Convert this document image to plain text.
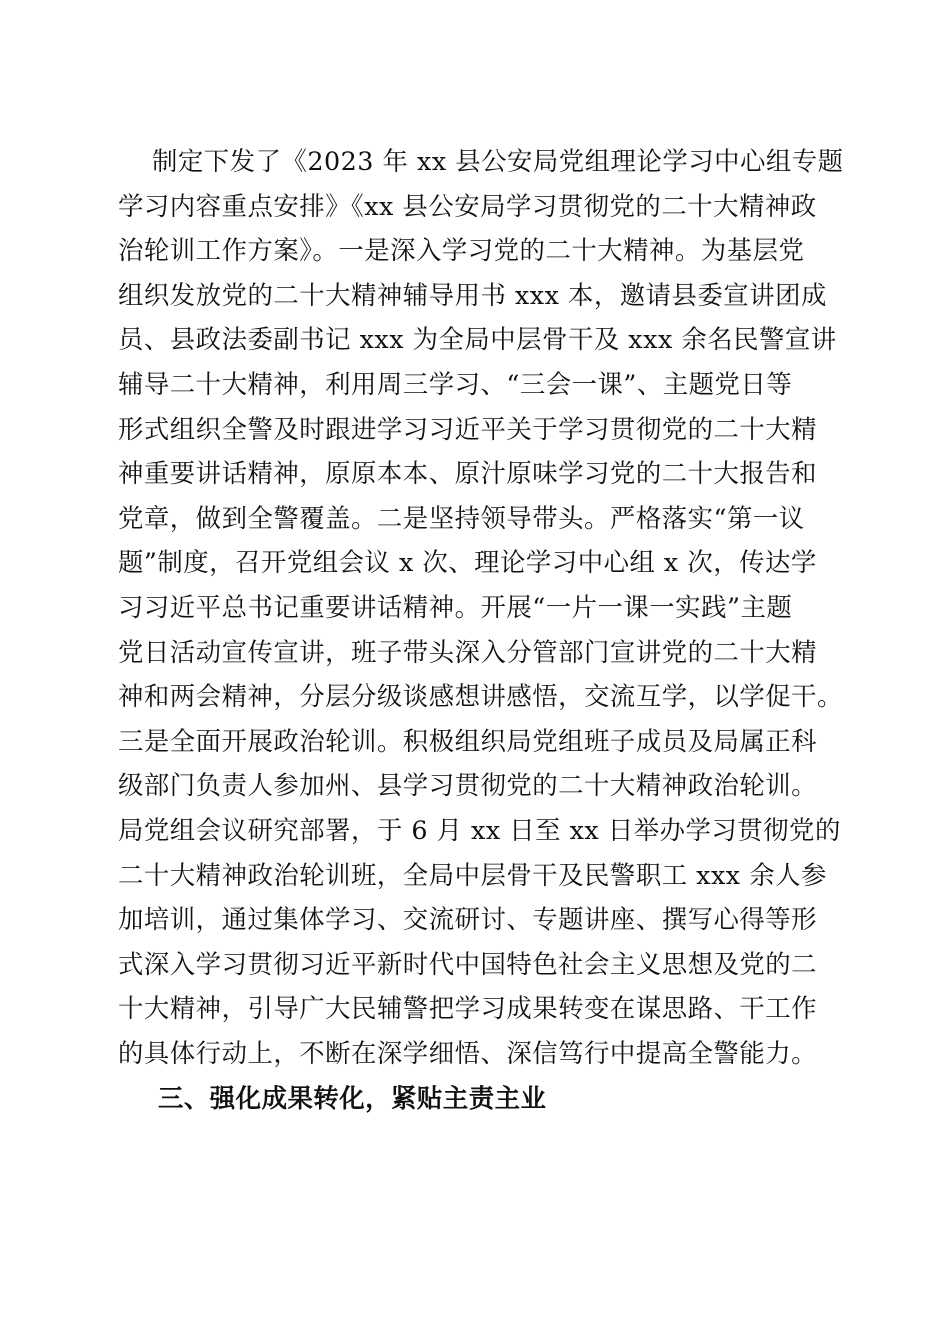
制定下发了《2023 年 xx 县公安局党组理论学习中心组专题
学习内容重点安排》《xx 县公安局学习贯彻党的二十大精神政
治轮训工作方案》。一是深入学习党的二十大精神。为基层党
组织发放党的二十大精神辅导用书 xxx 本，邀请县委宣讲团成
员、县政法委副书记 xxx 为全局中层骨干及 xxx 余名民警宣讲
辅导二十大精神，利用周三学习、“三会一课”、主题党日等
形式组织全警及时跟进学习习近平关于学习贯彻党的二十大精
神重要讲话精神，原原本本、原汁原味学习党的二十大报告和
党章，做到全警覆盖。二是坚持领导带头。严格落实“第一议
题”制度，召开党组会议 x 次、理论学习中心组 x 次，传达学
习习近平总书记重要讲话精神。开展“一片一课一实践”主题
党日活动宣传宣讲，班子带头深入分管部门宣讲党的二十大精
神和两会精神，分层分级谈感想讲感悟，交流互学，以学促干。
三是全面开展政治轮训。积极组织局党组班子成员及局属正科
级部门负责人参加州、县学习贯彻党的二十大精神政治轮训。
局党组会议研究部署，于 6 月 xx 日至 xx 日举办学习贯彻党的
二十大精神政治轮训班，全局中层骨干及民警职工 xxx 余人参
加培训，通过集体学习、交流研讨、专题讲座、撰写心得等形
式深入学习贯彻习近平新时代中国特色社会主义思想及党的二
十大精神，引导广大民辅警把学习成果转变在谋思路、干工作
的具体行动上，不断在深学细悟、深信笃行中提高全警能力。

三、强化成果转化，紧贴主责主业
